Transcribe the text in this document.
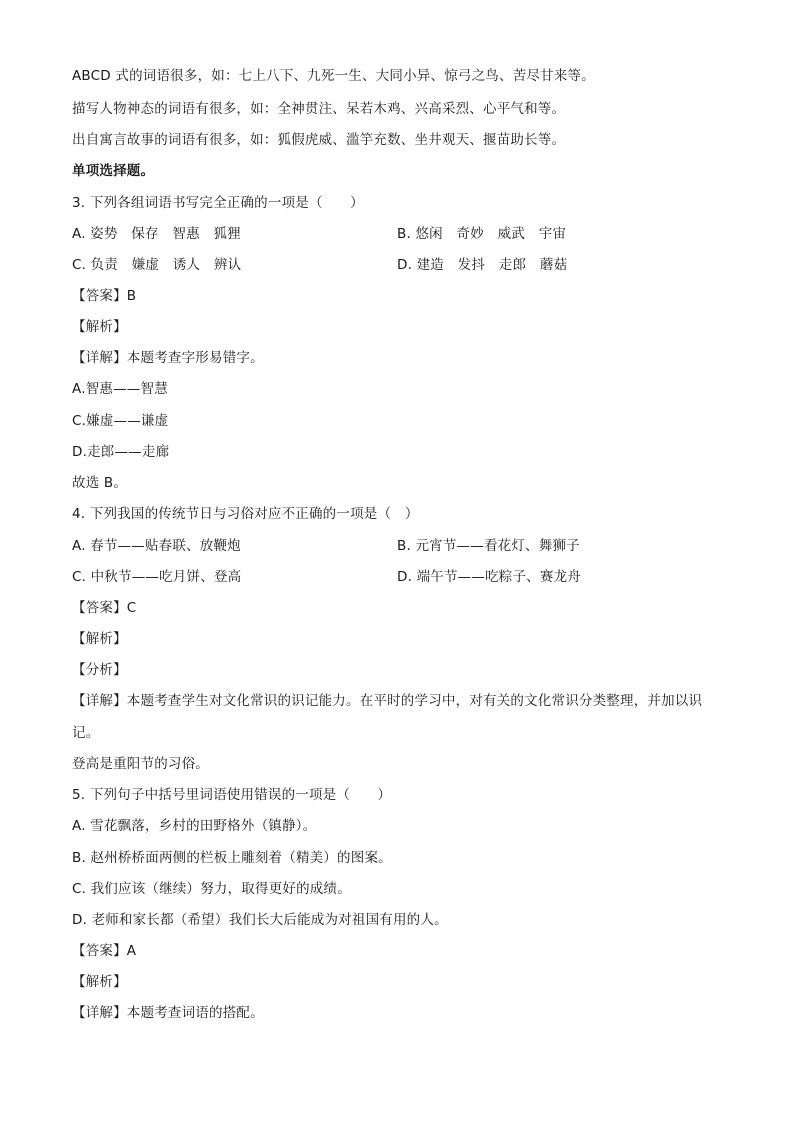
ABCD 式的词语很多，如：七上八下、九死一生、大同小异、惊弓之鸟、苦尽甘来等。
描写人物神态的词语有很多，如：全神贯注、呆若木鸡、兴高采烈、心平气和等。
出自寓言故事的词语有很多，如：狐假虎威、滥竽充数、坐井观天、揠苗助长等。
单项选择题。
3. 下列各组词语书写完全正确的一项是（　　）
A. 姿势　保存　智惠　狐狸	B. 悠闲　奇妙　威武　宇宙
C. 负责　嫌虚　诱人　辨认	D. 建造　发抖　走郎　蘑菇
【答案】B
【解析】
【详解】本题考查字形易错字。
A.智惠——智慧
C.嫌虚——谦虚
D.走郎——走廊
故选 B。
4. 下列我国的传统节日与习俗对应不正确的一项是（　）
A. 春节——贴春联、放鞭炮	B. 元宵节——看花灯、舞狮子
C. 中秋节——吃月饼、登高	D. 端午节——吃粽子、赛龙舟
【答案】C
【解析】
【分析】
【详解】本题考查学生对文化常识的识记能力。在平时的学习中，对有关的文化常识分类整理，并加以识
记。
登高是重阳节的习俗。
5. 下列句子中括号里词语使用错误的一项是（　　）
A. 雪花飘落，乡村的田野格外（镇静）。
B. 赵州桥桥面两侧的栏板上雕刻着（精美）的图案。
C. 我们应该（继续）努力，取得更好的成绩。
D. 老师和家长都（希望）我们长大后能成为对祖国有用的人。
【答案】A
【解析】
【详解】本题考查词语的搭配。
